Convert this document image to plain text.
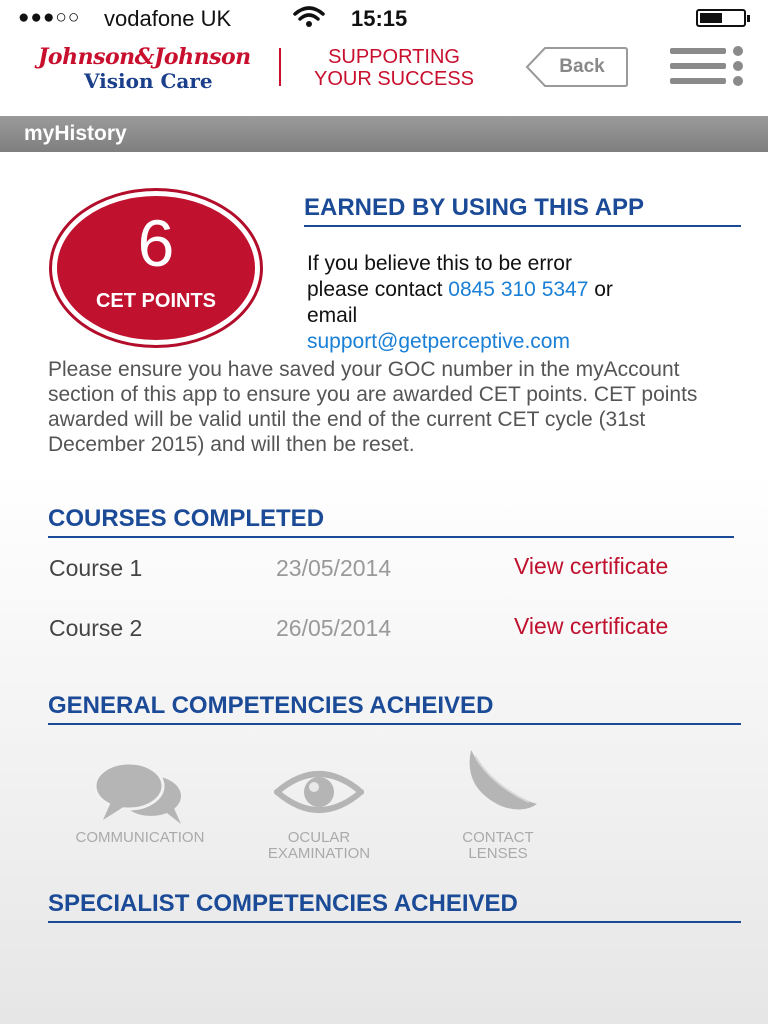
●●●○○ vodafone UK	15:15
Johnson&Johnson
Vision Care
SUPPORTING
YOUR SUCCESS
Back
myHistory
6
CET POINTS
EARNED BY USING THIS APP
If you believe this to be error
please contact 0845 310 5347 or
email
support@getperceptive.com
Please ensure you have saved your GOC number in the myAccount section of this app to ensure you are awarded CET points. CET points awarded will be valid until the end of the current CET cycle (31st December 2015) and will then be reset.
COURSES COMPLETED
Course 1	23/05/2014	View certificate
Course 2	26/05/2014	View certificate
GENERAL COMPETENCIES ACHEIVED
COMMUNICATION	OCULAR
EXAMINATION
CONTACT
LENSES
SPECIALIST COMPETENCIES ACHEIVED
